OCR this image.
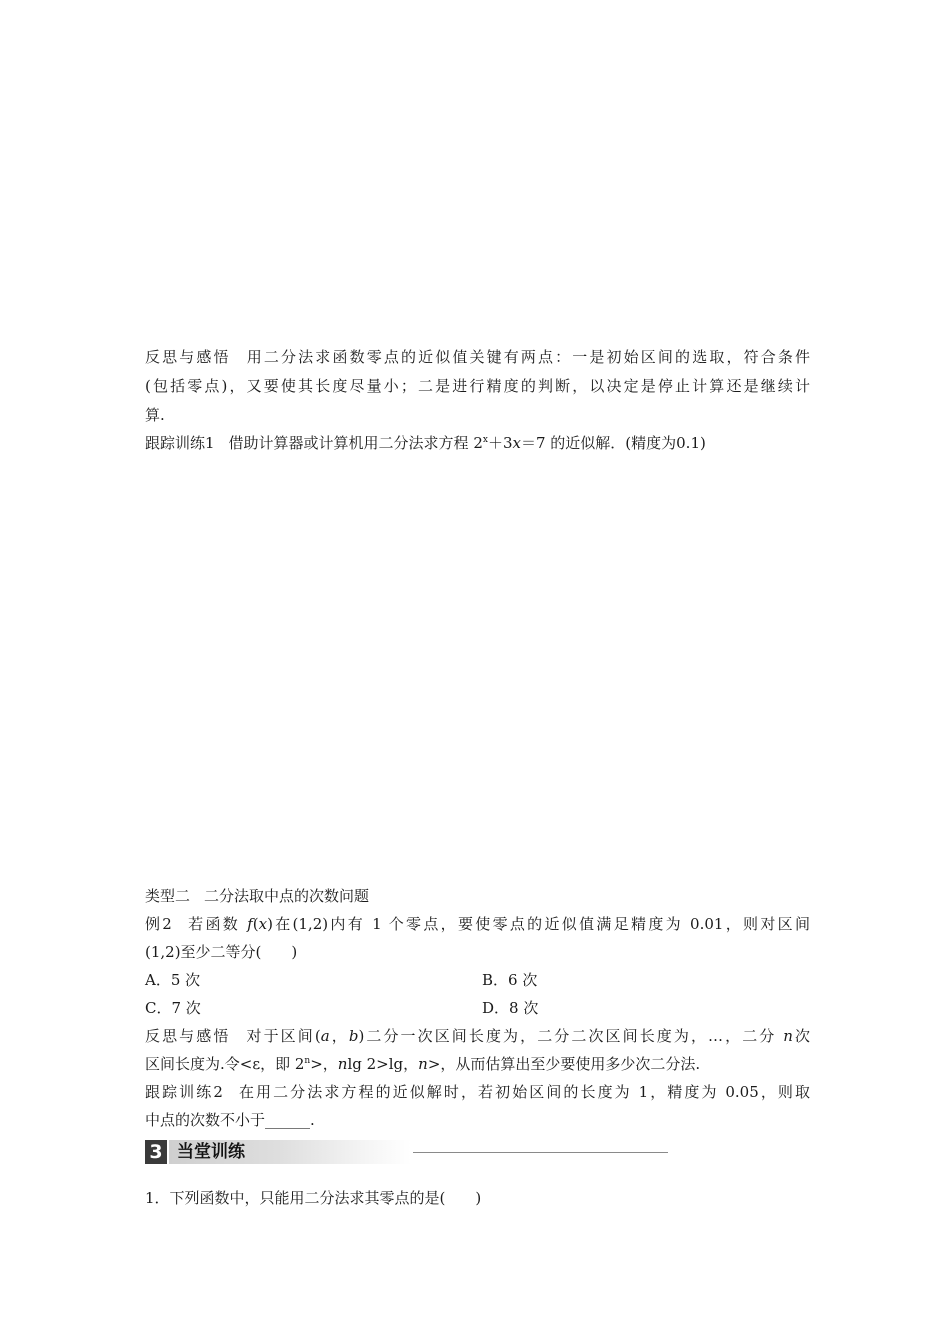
反思与感悟 用二分法求函数零点的近似值关键有两点：一是初始区间的选取，符合条件
(包括零点)，又要使其长度尽量小；二是进行精度的判断，以决定是停止计算还是继续计
算.
跟踪训练1 借助计算器或计算机用二分法求方程 $2^x+3x=7$ 的近似解．(精度为0.1)
类型二 二分法取中点的次数问题
例2 若函数 f(x)在(1,2)内有 1 个零点，要使零点的近似值满足精度为 0.01，则对区间
(1,2)至少二等分(　　)
A．5 次	B．6 次
C．7 次	D．8 次
反思与感悟 对于区间(a，b)二分一次区间长度为，二分二次区间长度为，…，二分 n次
区间长度为.令<ε，即 $2^n>$，nlg 2>lg，n>，从而估算出至少要使用多少次二分法.
跟踪训练2 在用二分法求方程的近似解时，若初始区间的长度为 1，精度为 0.05，则取
中点的次数不小于______.
3 当堂训练
1．下列函数中，只能用二分法求其零点的是(　　)
